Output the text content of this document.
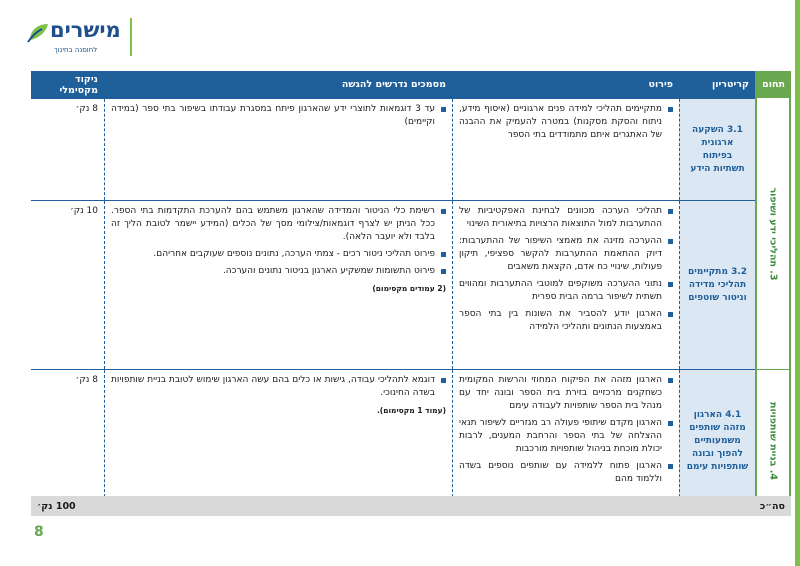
מישרים
לחוסנה בחינוך
תחום
קריטריון
פירוט
מסמכים נדרשים להגשה
ניקוד מקסימלי
3. תהליכי ידע ושיפור
4. בניית שותפויות
3.1 השקעה ארגונית בפיתוח תשתיות הידע
מתקיימים תהליכי למידה פנים ארגוניים (איסוף מידע, ניתוח והסקת מסקנות) במטרה להעמיק את ההבנה של האתגרים איתם מתמודדים בתי הספר
עד 3 דוגמאות לתוצרי ידע שהארגון פיתח במסגרת עבודתו בשיפור בתי ספר (במידה וקיימים)
8 נק׳
3.2 מתקיימים תהליכי מדידה וניטור שוטפים
תהליכי הערכה מכוונים לבחינת האפקטיביות של ההתערבות למול התוצאות הרצויות בתיאורית השינוי
ההערכה מזינה את מאמצי השיפור של ההתערבות: דיוק ההתאמת ההתערבות להקשר ספציפי, תיקון פעולות, שינויי כח אדם, הקצאת משאבים
נתוני ההערכה משוקפים למוטבי ההתערבות ומהווים תשתית לשיפור ברמה הבית ספרית
הארגון יודע להסביר את השונות בין בתי הספר באמצעות הנתונים ותהליכי הלמידה
רשימת כלי הניטור והמדידה שהארגון משתמש בהם להערכת התקדמות בתי הספר. ככל הניתן יש לצרף דוגמאות/צילומי מסך של הכלים (המידע יישמר לטובת הליך זה בלבד ולא יועבר הלאה).
פירוט תהליכי ניטור רכים - צמתי הערכה, נתונים נוספים שעוקבים אחריהם.
פירוט התשומות שמשקיע הארגון בניטור נתונים והערכה.
(2 עמודים מקסימום)
10 נק׳
4.1 הארגון מזהה שותפים משמעותיים להפוך ובונה שותפויות עימם
הארגון מזהה את הפיקוח המחוזי והרשות המקומית כשחקנים מרכזיים בזירת בית הספר ובונה יחד עם מנהל בית הספר שותפויות לעבודה עימם
הארגון מקדם שיתופי פעולה רב מגזריים לשיפור תנאי ההצלחה של בתי הספר והרחבת המענים, לרבות יכולת מוכחת בניהול שותפויות מורכבות
הארגון פתוח ללמידה עם שותפים נוספים בשדה וללמוד מהם
דוגמא לתהליכי עבודה, גישות או כלים בהם עשה הארגון שימוש לטובת בניית שותפויות בשדה החינוכי.
(עמוד 1 מקסימום).
8 נק׳
סה״כ
100 נק׳
8
